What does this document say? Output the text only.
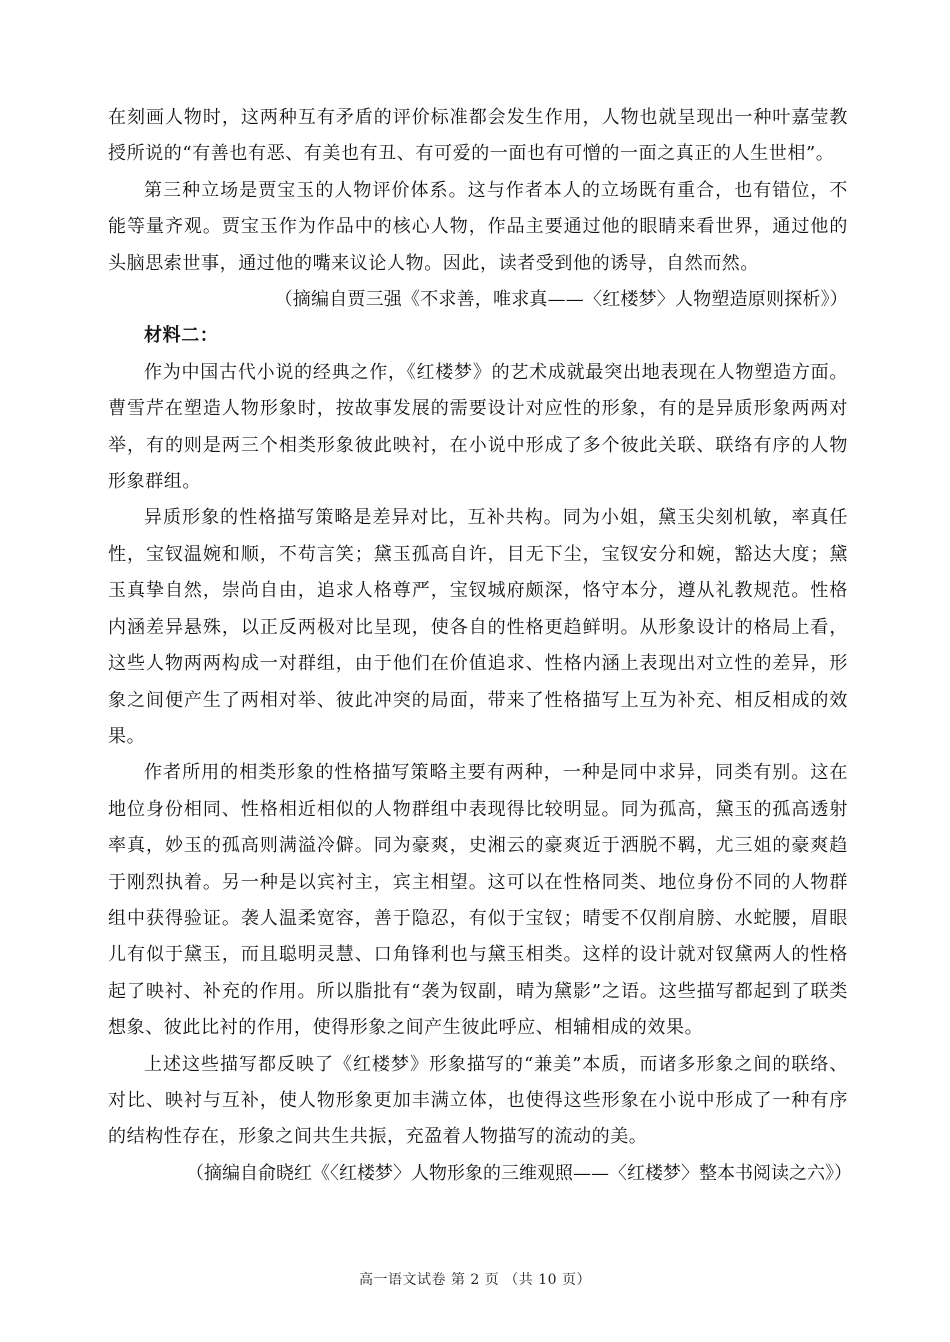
在刻画人物时，这两种互有矛盾的评价标准都会发生作用，人物也就呈现出一种叶嘉莹教授所说的“有善也有恶、有美也有丑、有可爱的一面也有可憎的一面之真正的人生世相”。

第三种立场是贾宝玉的人物评价体系。这与作者本人的立场既有重合，也有错位，不能等量齐观。贾宝玉作为作品中的核心人物，作品主要通过他的眼睛来看世界，通过他的头脑思索世事，通过他的嘴来议论人物。因此，读者受到他的诱导，自然而然。

（摘编自贾三强《不求善，唯求真——〈红楼梦〉人物塑造原则探析》）

材料二：

作为中国古代小说的经典之作，《红楼梦》的艺术成就最突出地表现在人物塑造方面。曹雪芹在塑造人物形象时，按故事发展的需要设计对应性的形象，有的是异质形象两两对举，有的则是两三个相类形象彼此映衬，在小说中形成了多个彼此关联、联络有序的人物形象群组。

异质形象的性格描写策略是差异对比，互补共构。同为小姐，黛玉尖刻机敏，率真任性，宝钗温婉和顺，不苟言笑；黛玉孤高自许，目无下尘，宝钗安分和婉，豁达大度；黛玉真挚自然，崇尚自由，追求人格尊严，宝钗城府颇深，恪守本分，遵从礼教规范。性格内涵差异悬殊，以正反两极对比呈现，使各自的性格更趋鲜明。从形象设计的格局上看，这些人物两两构成一对群组，由于他们在价值追求、性格内涵上表现出对立性的差异，形象之间便产生了两相对举、彼此冲突的局面，带来了性格描写上互为补充、相反相成的效果。

作者所用的相类形象的性格描写策略主要有两种，一种是同中求异，同类有别。这在地位身份相同、性格相近相似的人物群组中表现得比较明显。同为孤高，黛玉的孤高透射率真，妙玉的孤高则满溢冷僻。同为豪爽，史湘云的豪爽近于洒脱不羁，尤三姐的豪爽趋于刚烈执着。另一种是以宾衬主，宾主相望。这可以在性格同类、地位身份不同的人物群组中获得验证。袭人温柔宽容，善于隐忍，有似于宝钗；晴雯不仅削肩膀、水蛇腰，眉眼儿有似于黛玉，而且聪明灵慧、口角锋利也与黛玉相类。这样的设计就对钗黛两人的性格起了映衬、补充的作用。所以脂批有“袭为钗副，晴为黛影”之语。这些描写都起到了联类想象、彼此比衬的作用，使得形象之间产生彼此呼应、相辅相成的效果。

上述这些描写都反映了《红楼梦》形象描写的“兼美”本质，而诸多形象之间的联络、对比、映衬与互补，使人物形象更加丰满立体，也使得这些形象在小说中形成了一种有序的结构性存在，形象之间共生共振，充盈着人物描写的流动的美。

（摘编自俞晓红《〈红楼梦〉人物形象的三维观照——〈红楼梦〉整本书阅读之六》）

高一语文试卷 第 2 页 （共 10 页）
